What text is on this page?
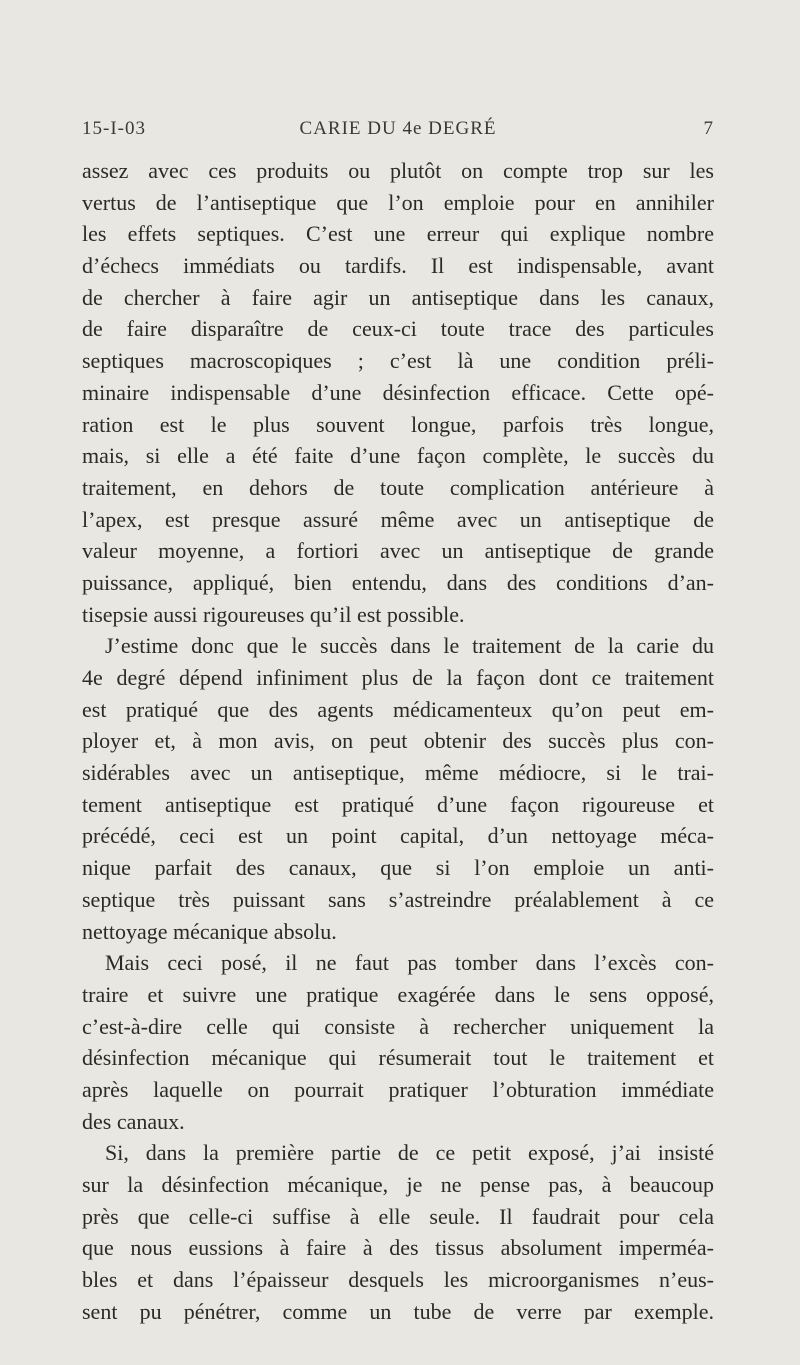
15-I-03	CARIE DU 4e DEGRÉ	7
assez avec ces produits ou plutôt on compte trop sur les
vertus de l’antiseptique que l’on emploie pour en annihiler
les effets septiques. C’est une erreur qui explique nombre
d’échecs immédiats ou tardifs. Il est indispensable, avant
de chercher à faire agir un antiseptique dans les canaux,
de faire disparaître de ceux-ci toute trace des particules
septiques macroscopiques ; c’est là une condition préli-
minaire indispensable d’une désinfection efficace. Cette opé-
ration est le plus souvent longue, parfois très longue,
mais, si elle a été faite d’une façon complète, le succès du
traitement, en dehors de toute complication antérieure à
l’apex, est presque assuré même avec un antiseptique de
valeur moyenne, a fortiori avec un antiseptique de grande
puissance, appliqué, bien entendu, dans des conditions d’an-
tisepsie aussi rigoureuses qu’il est possible.
J’estime donc que le succès dans le traitement de la carie du
4e degré dépend infiniment plus de la façon dont ce traitement
est pratiqué que des agents médicamenteux qu’on peut em-
ployer et, à mon avis, on peut obtenir des succès plus con-
sidérables avec un antiseptique, même médiocre, si le trai-
tement antiseptique est pratiqué d’une façon rigoureuse et
précédé, ceci est un point capital, d’un nettoyage méca-
nique parfait des canaux, que si l’on emploie un anti-
septique très puissant sans s’astreindre préalablement à ce
nettoyage mécanique absolu.
Mais ceci posé, il ne faut pas tomber dans l’excès con-
traire et suivre une pratique exagérée dans le sens opposé,
c’est-à-dire celle qui consiste à rechercher uniquement la
désinfection mécanique qui résumerait tout le traitement et
après laquelle on pourrait pratiquer l’obturation immédiate
des canaux.
Si, dans la première partie de ce petit exposé, j’ai insisté
sur la désinfection mécanique, je ne pense pas, à beaucoup
près que celle-ci suffise à elle seule. Il faudrait pour cela
que nous eussions à faire à des tissus absolument imperméa-
bles et dans l’épaisseur desquels les microorganismes n’eus-
sent pu pénétrer, comme un tube de verre par exemple.
